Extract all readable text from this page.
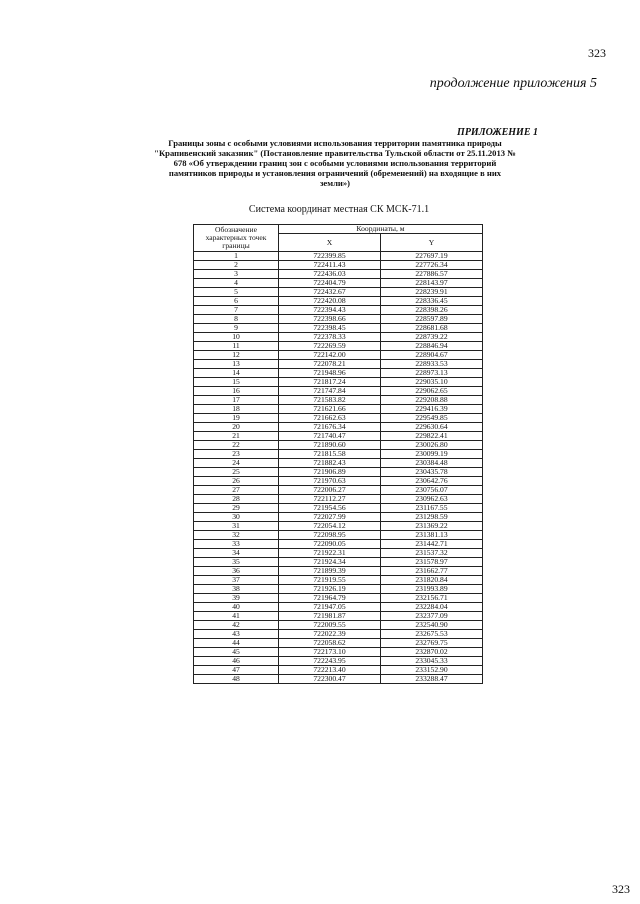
323
продолжение приложения 5
ПРИЛОЖЕНИЕ 1
Границы зоны с особыми условиями использования территории памятника природы
"Крапивенский заказник" (Постановление правительства Тульской области от 25.11.2013 №
678 «Об утверждении границ зон с особыми условиями использования территорий
памятников природы и установления ограничений (обременений) на входящие в них
земли»)
Система координат местная СК МСК-71.1
Обозначение характерных точек границы	Координаты, м	
	X	Y
1	722399.85	227697.19
2	722411.43	227726.34
3	722436.03	227886.57
4	722404.79	228143.97
5	722432.67	228239.91
6	722420.08	228336.45
7	722394.43	228398.26
8	722398.66	228597.89
9	722398.45	228681.68
10	722378.33	228739.22
11	722269.59	228846.94
12	722142.00	228904.67
13	722078.21	228933.53
14	721948.96	228973.13
15	721817.24	229035.10
16	721747.84	229062.65
17	721583.82	229208.88
18	721621.66	229416.39
19	721662.63	229549.85
20	721676.34	229630.64
21	721740.47	229822.41
22	721890.60	230026.80
23	721815.58	230099.19
24	721882.43	230384.48
25	721906.89	230435.78
26	721970.63	230642.76
27	722006.27	230756.07
28	722112.27	230962.63
29	721954.56	231167.55
30	722027.99	231298.59
31	722054.12	231369.22
32	722098.95	231381.13
33	722090.05	231442.71
34	721922.31	231537.32
35	721924.34	231578.97
36	721899.39	231662.77
37	721919.55	231820.84
38	721926.19	231993.89
39	721964.79	232156.71
40	721947.05	232284.04
41	721981.87	232377.09
42	722009.55	232540.90
43	722022.39	232675.53
44	722058.62	232769.75
45	722173.10	232870.02
46	722243.95	233045.33
47	722213.40	233152.90
48	722300.47	233288.47
323
